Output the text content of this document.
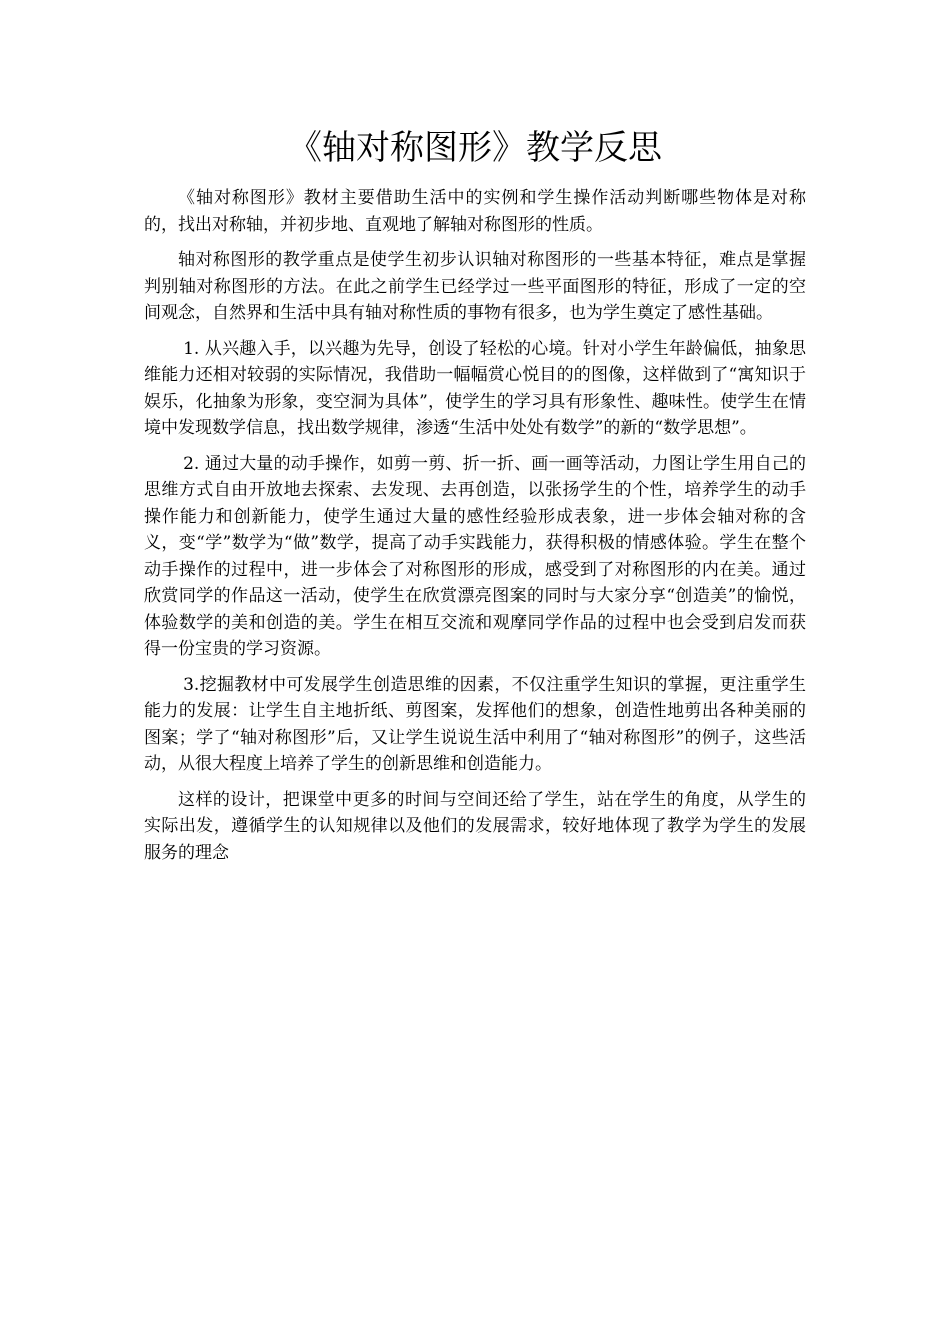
《轴对称图形》教学反思

《轴对称图形》教材主要借助生活中的实例和学生操作活动判断哪些物体是对称的，找出对称轴，并初步地、直观地了解轴对称图形的性质。

轴对称图形的教学重点是使学生初步认识轴对称图形的一些基本特征，难点是掌握判别轴对称图形的方法。在此之前学生已经学过一些平面图形的特征，形成了一定的空间观念，自然界和生活中具有轴对称性质的事物有很多，也为学生奠定了感性基础。

1. 从兴趣入手，以兴趣为先导，创设了轻松的心境。针对小学生年龄偏低，抽象思维能力还相对较弱的实际情况，我借助一幅幅赏心悦目的的图像，这样做到了“寓知识于娱乐，化抽象为形象，变空洞为具体”，使学生的学习具有形象性、趣味性。使学生在情境中发现数学信息，找出数学规律，渗透“生活中处处有数学”的新的“数学思想”。

2. 通过大量的动手操作，如剪一剪、折一折、画一画等活动，力图让学生用自己的思维方式自由开放地去探索、去发现、去再创造，以张扬学生的个性，培养学生的动手操作能力和创新能力，使学生通过大量的感性经验形成表象，进一步体会轴对称的含义，变“学”数学为“做”数学，提高了动手实践能力，获得积极的情感体验。学生在整个动手操作的过程中，进一步体会了对称图形的形成，感受到了对称图形的内在美。通过欣赏同学的作品这一活动，使学生在欣赏漂亮图案的同时与大家分享“创造美”的愉悦，体验数学的美和创造的美。学生在相互交流和观摩同学作品的过程中也会受到启发而获得一份宝贵的学习资源。

3.挖掘教材中可发展学生创造思维的因素，不仅注重学生知识的掌握，更注重学生能力的发展：让学生自主地折纸、剪图案，发挥他们的想象，创造性地剪出各种美丽的图案；学了“轴对称图形”后，又让学生说说生活中利用了“轴对称图形”的例子，这些活动，从很大程度上培养了学生的创新思维和创造能力。

这样的设计，把课堂中更多的时间与空间还给了学生，站在学生的角度，从学生的实际出发，遵循学生的认知规律以及他们的发展需求，较好地体现了教学为学生的发展服务的理念
